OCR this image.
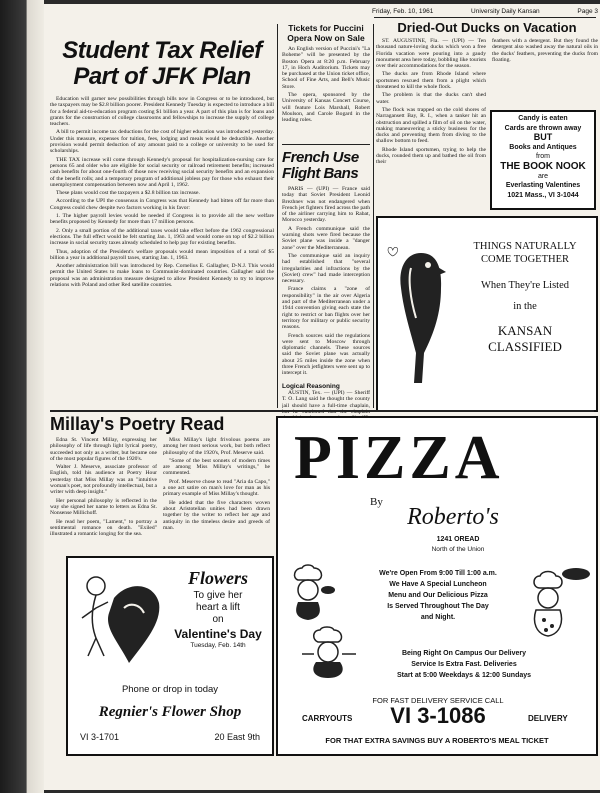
Friday, Feb. 10, 1961	University Daily Kansan	Page 3
Student Tax Relief
Part of JFK Plan

Education will garner new possibilities through bills now in Congress or to be introduced, but the taxpayers may be $2.8 billion poorer. President Kennedy Tuesday is expected to introduce a bill for a federal aid-to-education program costing $1 billion a year. A part of this plan is for loans and grants for the construction of college classrooms and fellowships to increase the supply of college teachers.

A bill to permit income tax deductions for the cost of higher education was introduced yesterday. Under this measure, expenses for tuition, fees, lodging and meals would be deductible. Another provision would permit deduction of any amount paid to a college or university to be used for scholarships.

THE TAX increase will come through Kennedy's proposal for hospitalization-nursing care for persons 65 and older who are eligible for social security or railroad retirement benefits; increased cash benefits for about one-fourth of those now receiving social security benefits and an expansion of the benefit rolls; and a temporary program of additional jobless pay for those who exhaust their unemployment compensation between now and April 1, 1962.

These plans would cost the taxpayers a $2.8 billion tax increase.

According to the UPI the consensus in Congress was that Kennedy had bitten off far more than Congress could chew despite two factors working in his favor:

1. The higher payroll levies would be needed if Congress is to provide all the new welfare benefits proposed by Kennedy for more than 17 million persons.

2. Only a small portion of the additional taxes would take effect before the 1962 congressional elections. The full effect would be felt starting Jan. 1, 1963 and would come on top of $2.2 billion increase in social security taxes already scheduled to help pay for existing benefits.

Thus, adoption of the President's welfare proposals would mean imposition of a total of $5 billion a year in additional payroll taxes, starting Jan. 1, 1963.

Another administration bill was introduced by Rep. Cornelius E. Gallagher, D-N.J. This would permit the United States to make loans to Communist-dominated countries. Gallagher said the proposal was an administration measure designed to allow President Kennedy to try to improve relations with Poland and other Red satellite countries.

Tickets for Puccini Opera Now on Sale

An English version of Puccini's "La Boheme" will be presented by the Boston Opera at 8:20 p.m. February 17, in Hoch Auditorium. Tickets may be purchased at the Union ticket office, School of Fine Arts, and Bell's Music Store.

The opera, sponsored by the University of Kansas Concert Course, will feature Lois Marshall, Robert Moulson, and Carole Bogard in the leading roles.

French Use
Flight Bans

PARIS — (UPI) — France said today that Soviet President Leonid Brezhnev was not endangered when French jet fighters fired across the path of the airliner carrying him to Rabat, Morocco yesterday.

A French communique said the warning shots were fired because the Soviet plane was inside a "danger zone" over the Mediterranean.

The communique said an inquiry had established that "several irregularities and infractions by the (Soviet) crew" had made interception necessary.

France claims a "zone of responsibility" in the air over Algeria and part of the Mediterranean under a 1944 convention giving each state the right to restrict or ban flights over her territory for military or public security reasons.

French sources said the regulations were sent to Moscow through diplomatic channels. These sources said the Soviet plane was actually about 25 miles inside the zone when three French jetfighters were sent up to intercept it.

Logical Reasoning

AUSTIN, Tex. — (UPI) — Sheriff T. O. Lang said he thought the county jail should have a full-time chaplain,

Dried-Out Ducks on Vacation

ST. AUGUSTINE, Fla. — (UPI) — Ten thousand nature-loving ducks which won a free Florida vacation were pouring into a gaudy monument area here today, bobbling like tourists over their accommodations for the season.

The ducks are from Rhode Island where sportsmen rescued them from a plight which threatened to kill the whole flock.

The problem is that the ducks can't shed water.

The flock was trapped on the cold shores of Narragansett Bay, R. I., when a tanker hit an obstruction and spilled a film of oil on the water, making maneuvering a sticky business for the ducks and preventing them from diving to the shallow bottom to feed.

Rhode Island sportsmen, trying to help the ducks, rounded them up and bathed the oil from their

feathers with a detergent. But they found the detergent also washed away the natural oils in the ducks' feathers, preventing the ducks from floating.

Candy is eaten
Cards are thrown away
BUT
Books and Antiques
from
THE BOOK NOOK
are
Everlasting Valentines
1021 Mass., VI 3-1044
THINGS NATURALLY
COME TOGETHER
When They're Listed
in the
KANSAN
CLASSIFIED
Millay's Poetry Read

Edna St. Vincent Millay, expressing her philosophy of life through light lyrical poetry, succeeded not only as a writer, but became one of the most popular figures of the 1920's.

Walter J. Meserve, associate professor of English, told his audience at Poetry Hour yesterday that Miss Millay was an "intuitive woman's poet, not profoundly intellectual, but a writer with deep insight."

Her personal philosophy is reflected in the way she signed her name to letters as Edna St. Nonsense Millichoff.

He read her poem, "Lament," to portray a sentimental romance on death. "Exiled" illustrated a romantic longing for the sea.

Miss Millay's light frivolous poems are among her most serious work, but both reflect philosophy of the 1920's, Prof. Meserve said.

"Some of the best sonnets of modern times are among Miss Millay's writings," he commented.

Prof. Meserve chose to read "Aria da Capo," a one act satire on man's love for man as his primary example of Miss Millay's thought.

He added that the five characters woven about Aristotelian unities had been drawn together by the writer to reflect her age and antiquity in the timeless desire and greeds of man.

Flowers
To give her
heart a lift
on
Valentine's Day
Tuesday, Feb. 14th
Phone or drop in today
Regnier's Flower Shop
VI 3-1701	20 East 9th
PIZZA
By
Roberto's
1241 OREAD
North of the Union
We're Open From 9:00 Till 1:00 a.m.
We Have A Special Luncheon
Menu and Our Delicious Pizza
Is Served Throughout The Day
and Night.
Being Right On Campus Our Delivery
Service Is Extra Fast. Deliveries
Start at 5:00 Weekdays & 12:00 Sundays
FOR FAST DELIVERY SERVICE CALL
CARRYOUTS	VI 3-1086	DELIVERY
FOR THAT EXTRA SAVINGS BUY A ROBERTO'S MEAL TICKET
